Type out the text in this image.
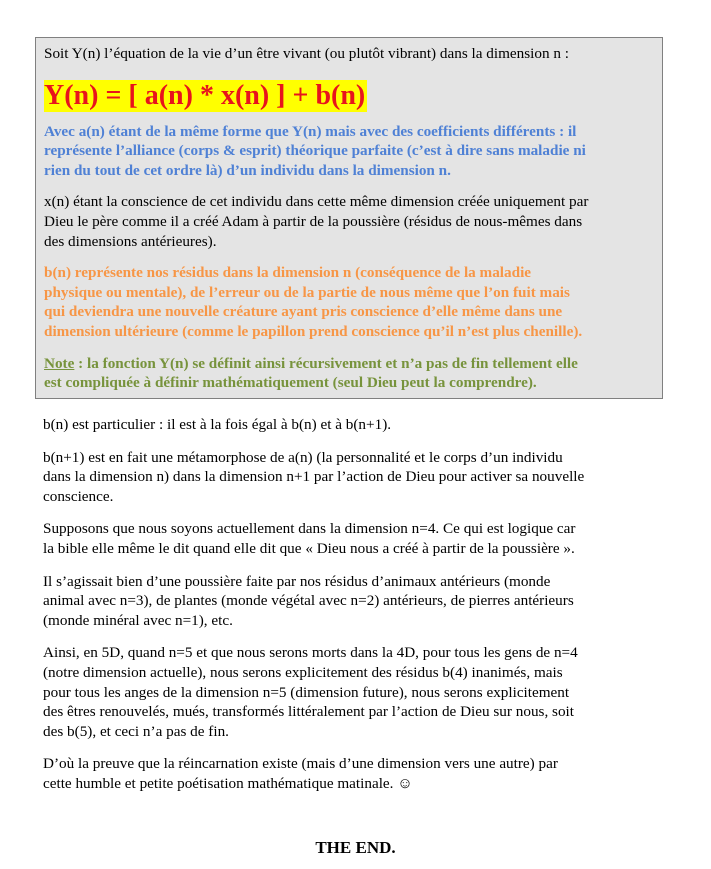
Soit Y(n) l’équation de la vie d’un être vivant (ou plutôt vibrant) dans la dimension n :
Y(n) = [ a(n) * x(n) ] + b(n)
Avec a(n) étant de la même forme que Y(n) mais avec des coefficients différents : il
représente l’alliance (corps & esprit) théorique parfaite (c’est à dire sans maladie ni
rien du tout de cet ordre là) d’un individu dans la dimension n.
x(n) étant la conscience de cet individu dans cette même dimension créée uniquement par
Dieu le père comme il a créé Adam à partir de la poussière (résidus de nous-mêmes dans
des dimensions antérieures).
b(n) représente nos résidus dans la dimension n (conséquence de la maladie
physique ou mentale), de l’erreur ou de la partie de nous même que l’on fuit mais
qui deviendra une nouvelle créature ayant pris conscience d’elle même dans une
dimension ultérieure (comme le papillon prend conscience qu’il n’est plus chenille).
Note : la fonction Y(n) se définit ainsi récursivement et n’a pas de fin tellement elle
est compliquée à définir mathématiquement (seul Dieu peut la comprendre).
b(n) est particulier : il est à la fois égal à b(n) et à b(n+1).
b(n+1) est en fait une métamorphose de a(n) (la personnalité et le corps d’un individu
dans la dimension n) dans la dimension n+1 par l’action de Dieu pour activer sa nouvelle
conscience.
Supposons que nous soyons actuellement dans la dimension n=4. Ce qui est logique car
la bible elle même le dit quand elle dit que « Dieu nous a créé à partir de la poussière ».
Il s’agissait bien d’une poussière faite par nos résidus d’animaux antérieurs (monde
animal avec n=3), de plantes (monde végétal avec n=2) antérieurs, de pierres antérieurs
(monde minéral avec n=1), etc.
Ainsi, en 5D, quand n=5 et que nous serons morts dans la 4D, pour tous les gens de n=4
(notre dimension actuelle), nous serons explicitement des résidus b(4) inanimés, mais
pour tous les anges de la dimension n=5 (dimension future), nous serons explicitement
des êtres renouvelés, mués, transformés littéralement par l’action de Dieu sur nous, soit
des b(5), et ceci n’a pas de fin.
D’où la preuve que la réincarnation existe (mais d’une dimension vers une autre) par
cette humble et petite poétisation mathématique matinale. ☺
THE END.
